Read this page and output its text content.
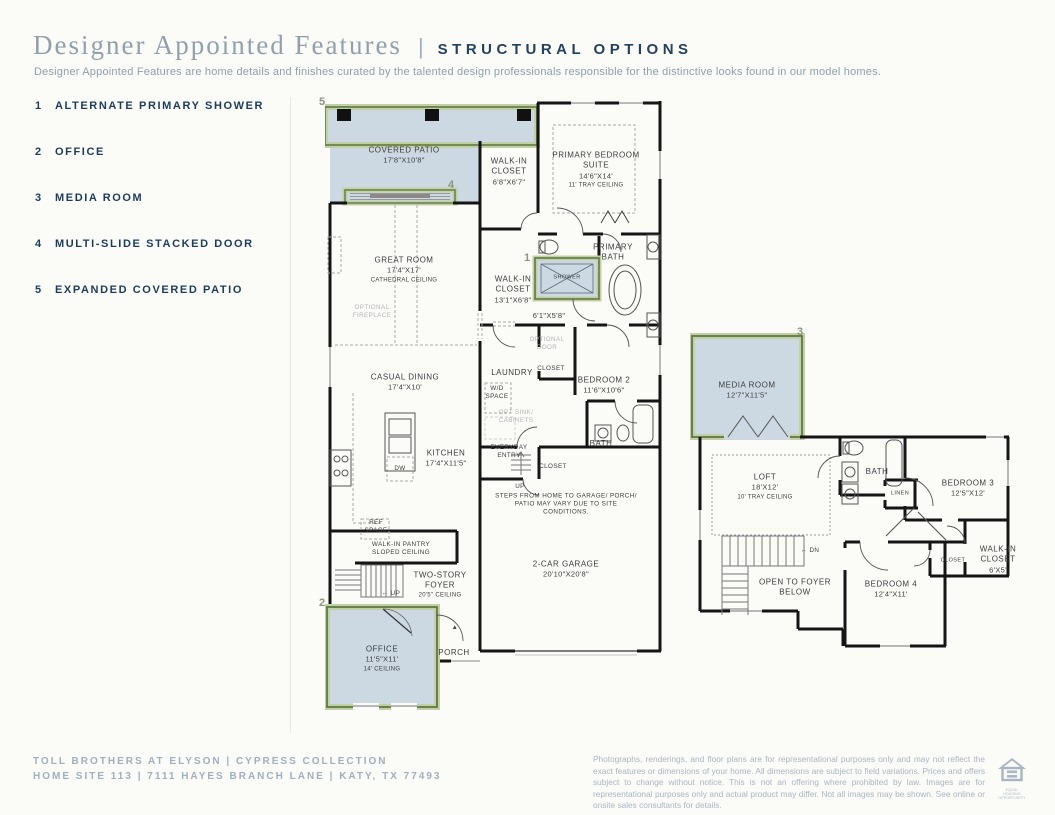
Designer Appointed Features | STRUCTURAL OPTIONS
Designer Appointed Features are home details and finishes curated by the talented design professionals responsible for the distinctive looks found in our model homes.
1	ALTERNATE PRIMARY SHOWER
2	OFFICE
3	MEDIA ROOM
4	MULTI-SLIDE STACKED DOOR
5	EXPANDED COVERED PATIO
COVERED PATIO
17'8"X10'8"	WALK-IN CLOSET
6'8"X6'7"
PRIMARY BEDROOM SUITE
14'6"X14'
11' TRAY CEILING
GREAT ROOM
17'4"X17'
CATHEDRAL CEILING
OPTIONAL FIREPLACE
WALK-IN CLOSET
13'1"X6'8"
SHOWER
PRIMARY BATH
6'1"X5'8"
OPTIONAL DOOR
CASUAL DINING
17'4"X10'
LAUNDRY
W/D SPACE
OPT SINK/ CABINETS
CLOSET
BEDROOM 2
11'6"X10'6"
KITCHEN
17'4"X11'5"
DW
EVERYDAY ENTRY
BATH
CLOSET
UP
STEPS FROM HOME TO GARAGE/ PORCH/ PATIO MAY VARY DUE TO SITE CONDITIONS.
2-CAR GARAGE
20'10"X20'8"
REF SPACE
WALK-IN PANTRY
SLOPED CEILING
TWO-STORY FOYER
20'5" CEILING
← UP
OFFICE
11'5"X11'
14' CEILING
PORCH
▲
MEDIA ROOM
12'7"X11'5"
LOFT
18'X12'
10' TRAY CEILING
BATH
LINEN
BEDROOM 3
12'5"X12'
← DN
OPEN TO FOYER BELOW
BEDROOM 4
12'4"X11'
CLOSET
WALK-IN CLOSET
6'X5'
5
4
1
2
3
TOLL BROTHERS AT ELYSON | CYPRESS COLLECTION
HOME SITE 113 | 7111 HAYES BRANCH LANE | KATY, TX 77493
Photographs, renderings, and floor plans are for representational purposes only and may not reflect the exact features or dimensions of your home. All dimensions are subject to field variations. Prices and offers subject to change without notice. This is not an offering where prohibited by law. Images are for representational purposes only and actual product may differ. Not all images may be shown. See online or onsite sales consultants for details.
EQUAL HOUSING
OPPORTUNITY
